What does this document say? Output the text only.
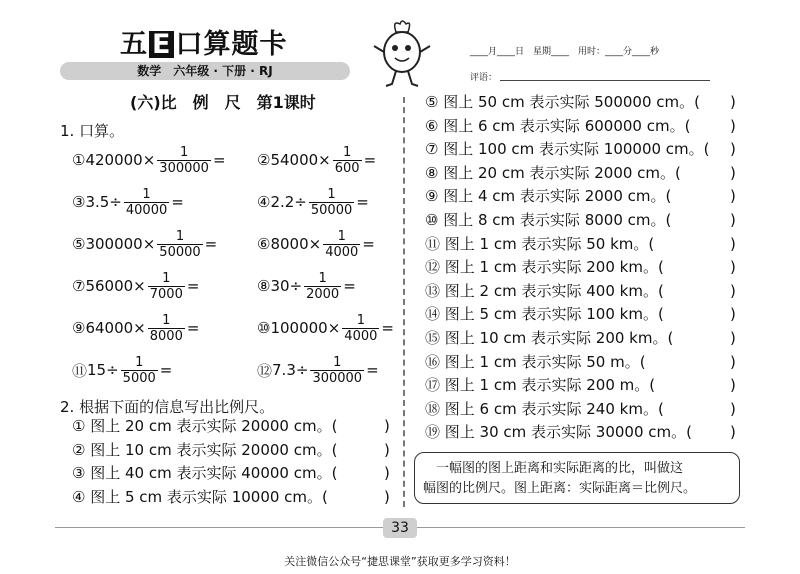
五 E 口算题卡
数学　六年级 · 下册 · RJ
____月____日　星期____　用时：____分____秒
评语：
(六)比　例　尺　第1课时
1. 口算。
① $420000\times \frac{1}{300000}$ = ② $54000\times \frac{1}{600}$ =
③ $3.5\div \frac{1}{40000}$ =	④ $2.2\div \frac{1}{50000}$ =
⑤ $300000\times \frac{1}{50000}$ =	⑥ $8000\times \frac{1}{4000}$ =
⑦ $56000\times \frac{1}{7000}$ =	⑧ $30\div \frac{1}{2000}$ =
⑨ $64000\times \frac{1}{8000}$ =	⑩ $100000\times \frac{1}{4000}$ =
⑪ $15\div \frac{1}{5000}$ =	⑫ $7.3\div \frac{1}{300000}$ =
2. 根据下面的信息写出比例尺。
① 图上 20 cm 表示实际 20000 cm。(	)
② 图上 10 cm 表示实际 20000 cm。(	)
③ 图上 40 cm 表示实际 40000 cm。(	)
④ 图上 5 cm 表示实际 10000 cm。(	)
⑤ 图上 50 cm 表示实际 500000 cm。( )
⑥ 图上 6 cm 表示实际 600000 cm。(	)
⑦ 图上 100 cm 表示实际 100000 cm。( )
⑧ 图上 20 cm 表示实际 2000 cm。(	)
⑨ 图上 4 cm 表示实际 2000 cm。(	)
⑩ 图上 8 cm 表示实际 8000 cm。(	)
⑪ 图上 1 cm 表示实际 50 km。(	)
⑫ 图上 1 cm 表示实际 200 km。(	)
⑬ 图上 2 cm 表示实际 400 km。(	)
⑭ 图上 5 cm 表示实际 100 km。(	)
⑮ 图上 10 cm 表示实际 200 km。(	)
⑯ 图上 1 cm 表示实际 50 m。(	)
⑰ 图上 1 cm 表示实际 200 m。(	)
⑱ 图上 6 cm 表示实际 240 km。(	)
⑲ 图上 30 cm 表示实际 30000 cm。(	)
　一幅图的图上距离和实际距离的比，叫做这
幅图的比例尺。图上距离：实际距离＝比例尺。
33
关注微信公众号“捷思课堂”获取更多学习资料！
